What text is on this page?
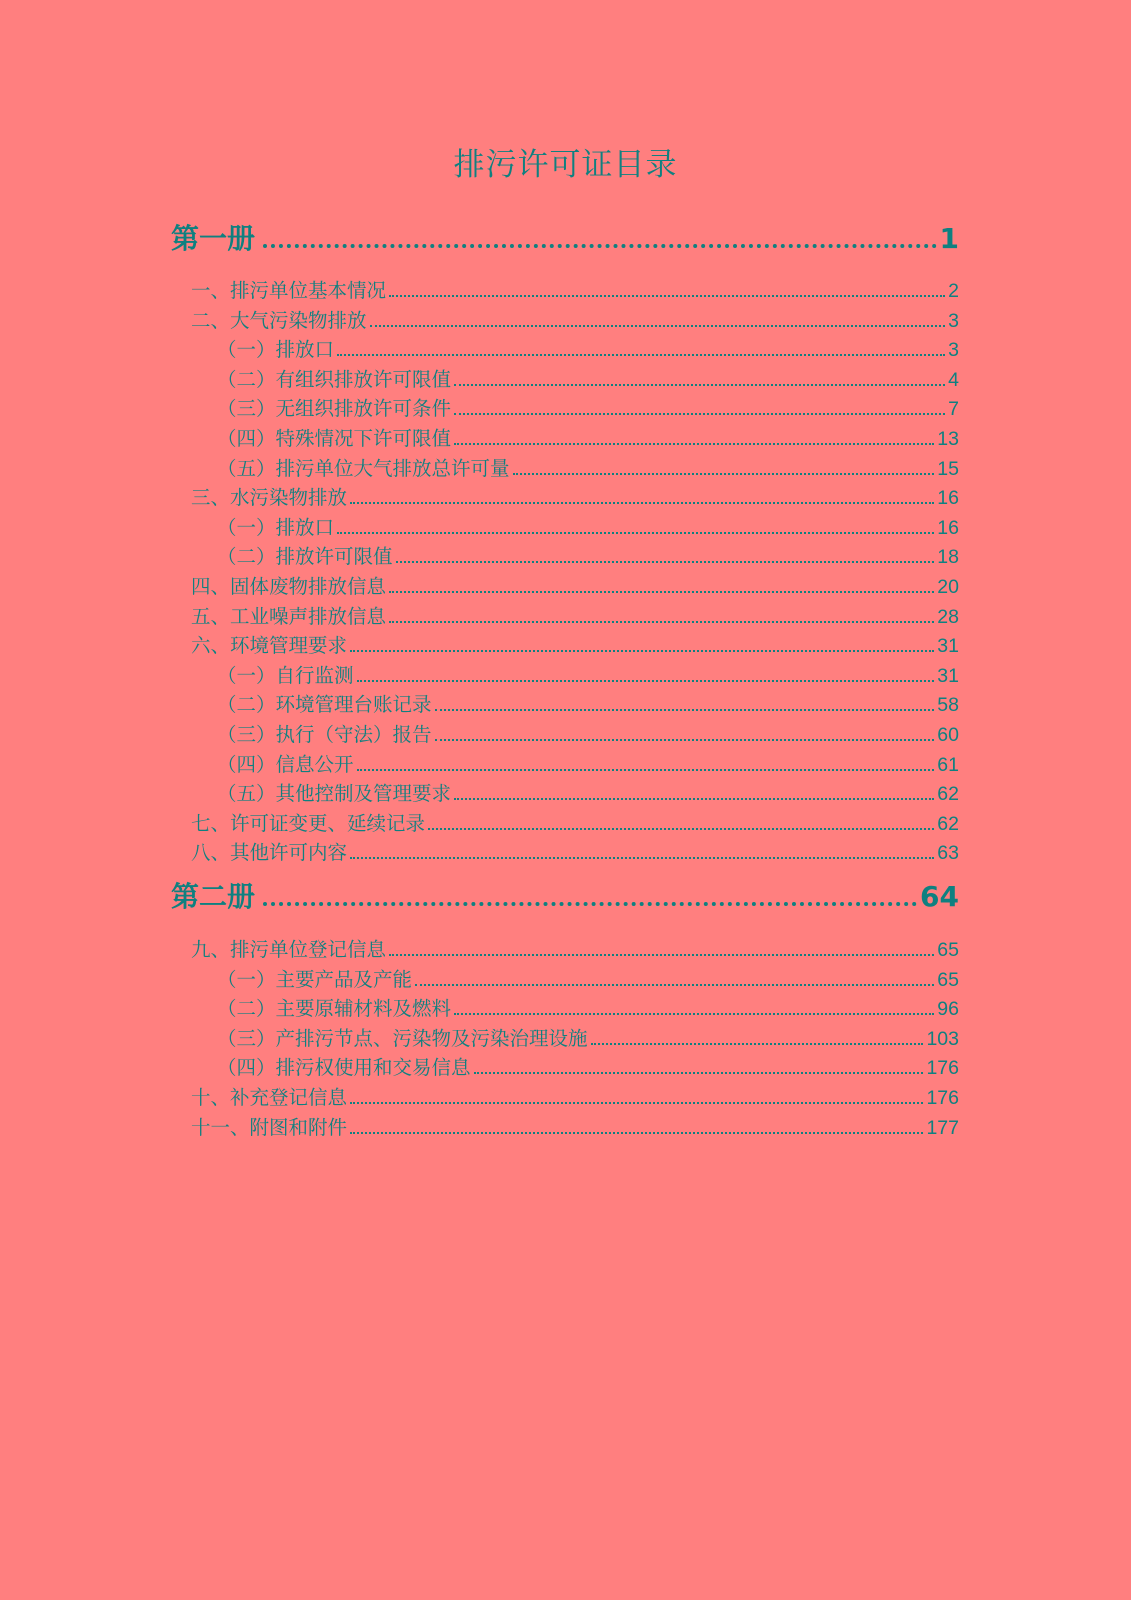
排污许可证目录
第一册	1
一、排污单位基本情况	2
二、大气污染物排放	3
（一）排放口	3
（二）有组织排放许可限值	4
（三）无组织排放许可条件	7
（四）特殊情况下许可限值	13
（五）排污单位大气排放总许可量	15
三、水污染物排放	16
（一）排放口	16
（二）排放许可限值	18
四、固体废物排放信息	20
五、工业噪声排放信息	28
六、环境管理要求	31
（一）自行监测	31
（二）环境管理台账记录	58
（三）执行（守法）报告	60
（四）信息公开	61
（五）其他控制及管理要求	62
七、许可证变更、延续记录	62
八、其他许可内容	63
第二册	64
九、排污单位登记信息	65
（一）主要产品及产能	65
（二）主要原辅材料及燃料	96
（三）产排污节点、污染物及污染治理设施	103
（四）排污权使用和交易信息	176
十、补充登记信息	176
十一、附图和附件	177
